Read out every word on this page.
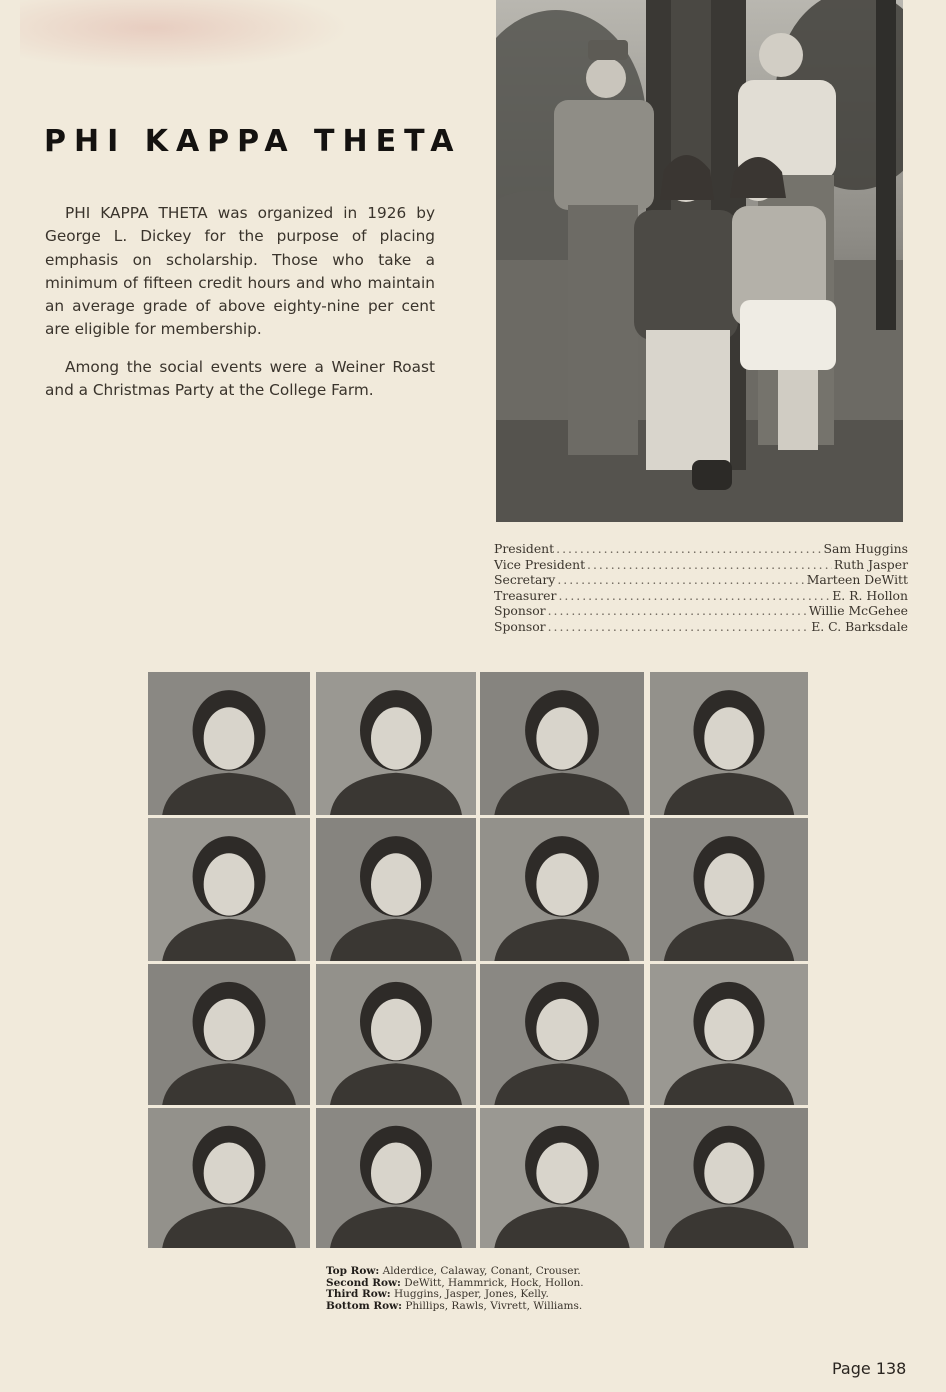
PHI KAPPA THETA

PHI KAPPA THETA was organized in 1926 by George L. Dickey for the purpose of placing emphasis on scholarship. Those who take a minimum of fifteen credit hours and who maintain an average grade of above eighty-nine per cent are eligible for membership.

Among the social events were a Weiner Roast and a Christmas Party at the College Farm.

President .....	Sam Huggins
Vice President .....	Ruth Jasper
Secretary .....	Marteen DeWitt
Treasurer .....	E. R. Hollon
Sponsor .....	Willie McGehee
Sponsor .....	E. C. Barksdale
Top Row: Alderdice, Calaway, Conant, Crouser.
Second Row: DeWitt, Hammrick, Hock, Hollon.
Third Row: Huggins, Jasper, Jones, Kelly.
Bottom Row: Phillips, Rawls, Vivrett, Williams.
Page 138
